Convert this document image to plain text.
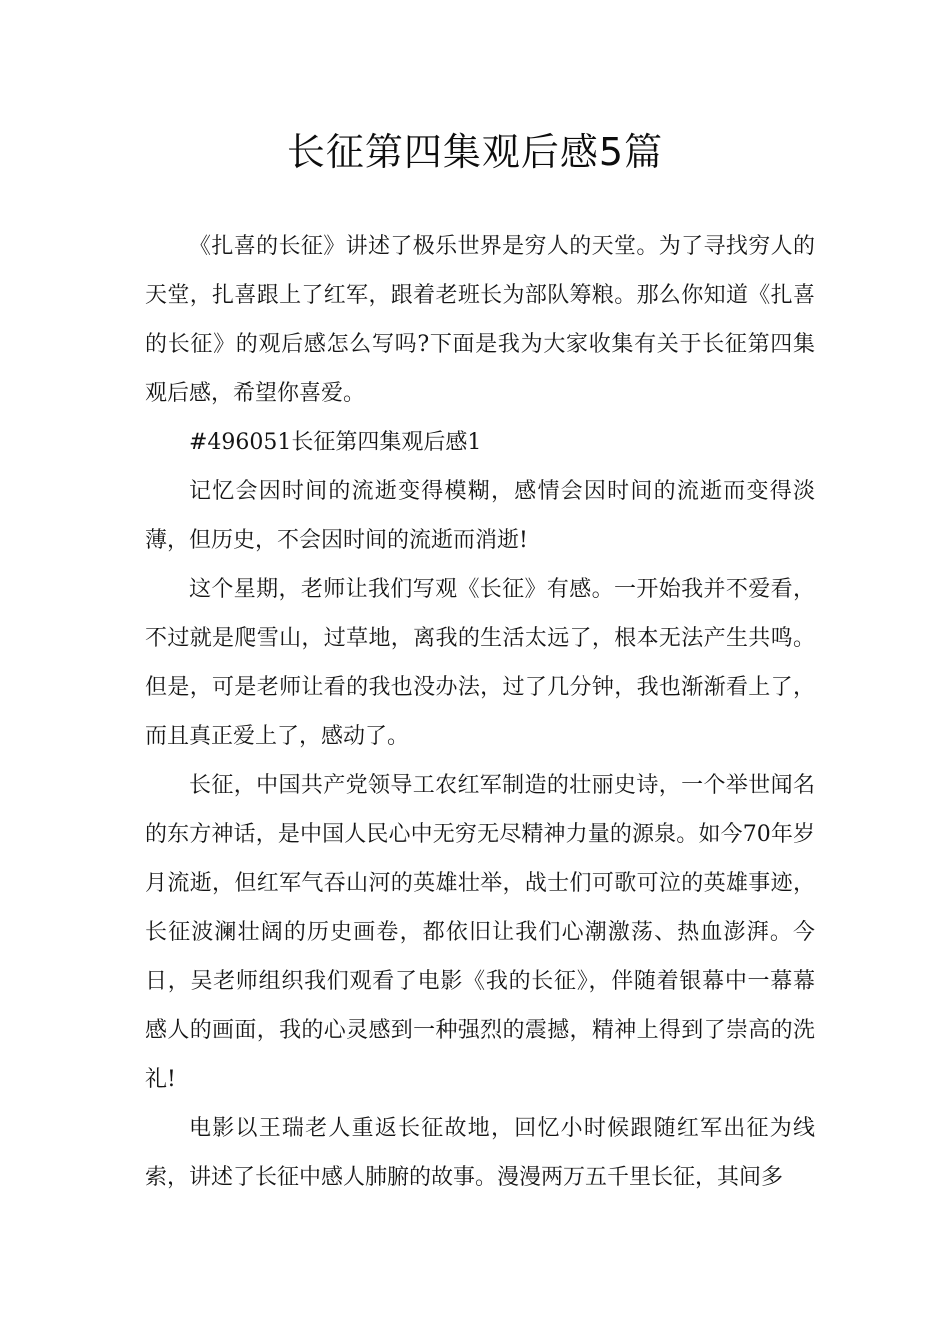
长征第四集观后感5篇

《扎喜的长征》讲述了极乐世界是穷人的天堂。为了寻找穷人的天堂，扎喜跟上了红军，跟着老班长为部队筹粮。那么你知道《扎喜的长征》的观后感怎么写吗?下面是我为大家收集有关于长征第四集观后感，希望你喜爱。

#496051长征第四集观后感1

记忆会因时间的流逝变得模糊，感情会因时间的流逝而变得淡薄，但历史，不会因时间的流逝而消逝!

这个星期，老师让我们写观《长征》有感。一开始我并不爱看，不过就是爬雪山，过草地，离我的生活太远了，根本无法产生共鸣。但是，可是老师让看的我也没办法，过了几分钟，我也渐渐看上了，而且真正爱上了，感动了。

长征，中国共产党领导工农红军制造的壮丽史诗，一个举世闻名的东方神话，是中国人民心中无穷无尽精神力量的源泉。如今70年岁月流逝，但红军气吞山河的英雄壮举，战士们可歌可泣的英雄事迹，长征波澜壮阔的历史画卷，都依旧让我们心潮激荡、热血澎湃。今日，吴老师组织我们观看了电影《我的长征》，伴随着银幕中一幕幕感人的画面，我的心灵感到一种强烈的震撼，精神上得到了崇高的洗礼!

电影以王瑞老人重返长征故地，回忆小时候跟随红军出征为线索，讲述了长征中感人肺腑的故事。漫漫两万五千里长征，其间多
